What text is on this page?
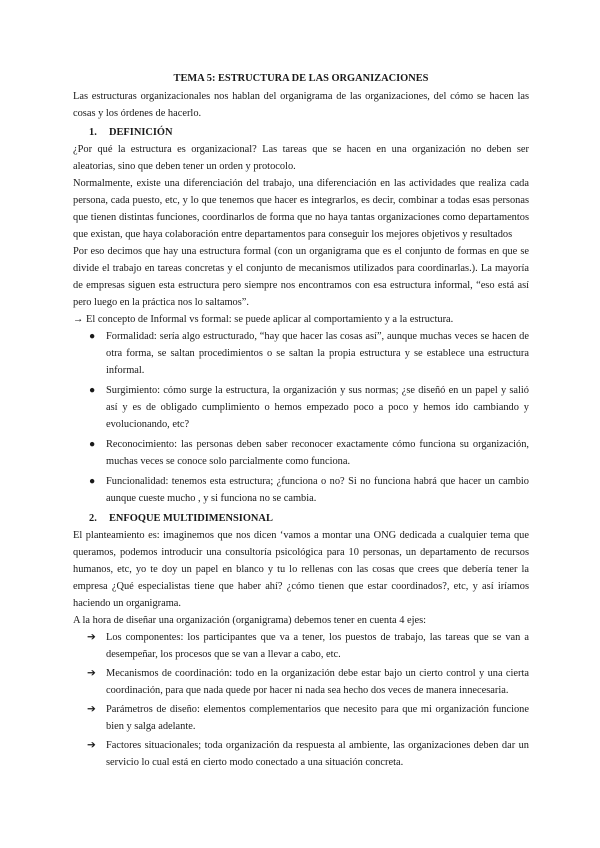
TEMA 5: ESTRUCTURA DE LAS ORGANIZACIONES

Las estructuras organizacionales nos hablan del organigrama de las organizaciones, del cómo se hacen las cosas y los órdenes de hacerlo.

1. DEFINICIÓN

¿Por qué la estructura es organizacional? Las tareas que se hacen en una organización no deben ser aleatorias, sino que deben tener un orden y protocolo.

Normalmente, existe una diferenciación del trabajo, una diferenciación en las actividades que realiza cada persona, cada puesto, etc, y lo que tenemos que hacer es integrarlos, es decir, combinar a todas esas personas que tienen distintas funciones, coordinarlos de forma que no haya tantas organizaciones como departamentos que existan, que haya colaboración entre departamentos para conseguir los mejores objetivos y resultados

Por eso decimos que hay una estructura formal (con un organigrama que es el conjunto de formas en que se divide el trabajo en tareas concretas y el conjunto de mecanismos utilizados para coordinarlas.). La mayoría de empresas siguen esta estructura pero siempre nos encontramos con esa estructura informal, “eso está así pero luego en la práctica nos lo saltamos”.

→ El concepto de Informal vs formal: se puede aplicar al comportamiento y a la estructura.

● Formalidad: sería algo estructurado, “hay que hacer las cosas así”, aunque muchas veces se hacen de otra forma, se saltan procedimientos o se saltan la propia estructura y se establece una estructura informal.
● Surgimiento: cómo surge la estructura, la organización y sus normas; ¿se diseñó en un papel y salió así y es de obligado cumplimiento o hemos empezado poco a poco y hemos ido cambiando y evolucionando, etc?
● Reconocimiento: las personas deben saber reconocer exactamente cómo funciona su organización, muchas veces se conoce solo parcialmente como funciona.
● Funcionalidad: tenemos esta estructura; ¿funciona o no? Si no funciona habrá que hacer un cambio aunque cueste mucho , y si funciona no se cambia.
2. ENFOQUE MULTIDIMENSIONAL

El planteamiento es: imaginemos que nos dicen ‘vamos a montar una ONG dedicada a cualquier tema que queramos, podemos introducir una consultoría psicológica para 10 personas, un departamento de recursos humanos, etc, yo te doy un papel en blanco y tu lo rellenas con las cosas que crees que debería tener la empresa ¿Qué especialistas tiene que haber ahí? ¿cómo tienen que estar coordinados?, etc, y así iríamos haciendo un organigrama.

A la hora de diseñar una organización (organigrama) debemos tener en cuenta 4 ejes:

➔ Los componentes: los participantes que va a tener, los puestos de trabajo, las tareas que se van a desempeñar, los procesos que se van a llevar a cabo, etc.
➔ Mecanismos de coordinación: todo en la organización debe estar bajo un cierto control y una cierta coordinación, para que nada quede por hacer ni nada sea hecho dos veces de manera innecesaria.
➔ Parámetros de diseño: elementos complementarios que necesito para que mi organización funcione bien y salga adelante.
➔ Factores situacionales; toda organización da respuesta al ambiente, las organizaciones deben dar un servicio lo cual está en cierto modo conectado a una situación concreta.
